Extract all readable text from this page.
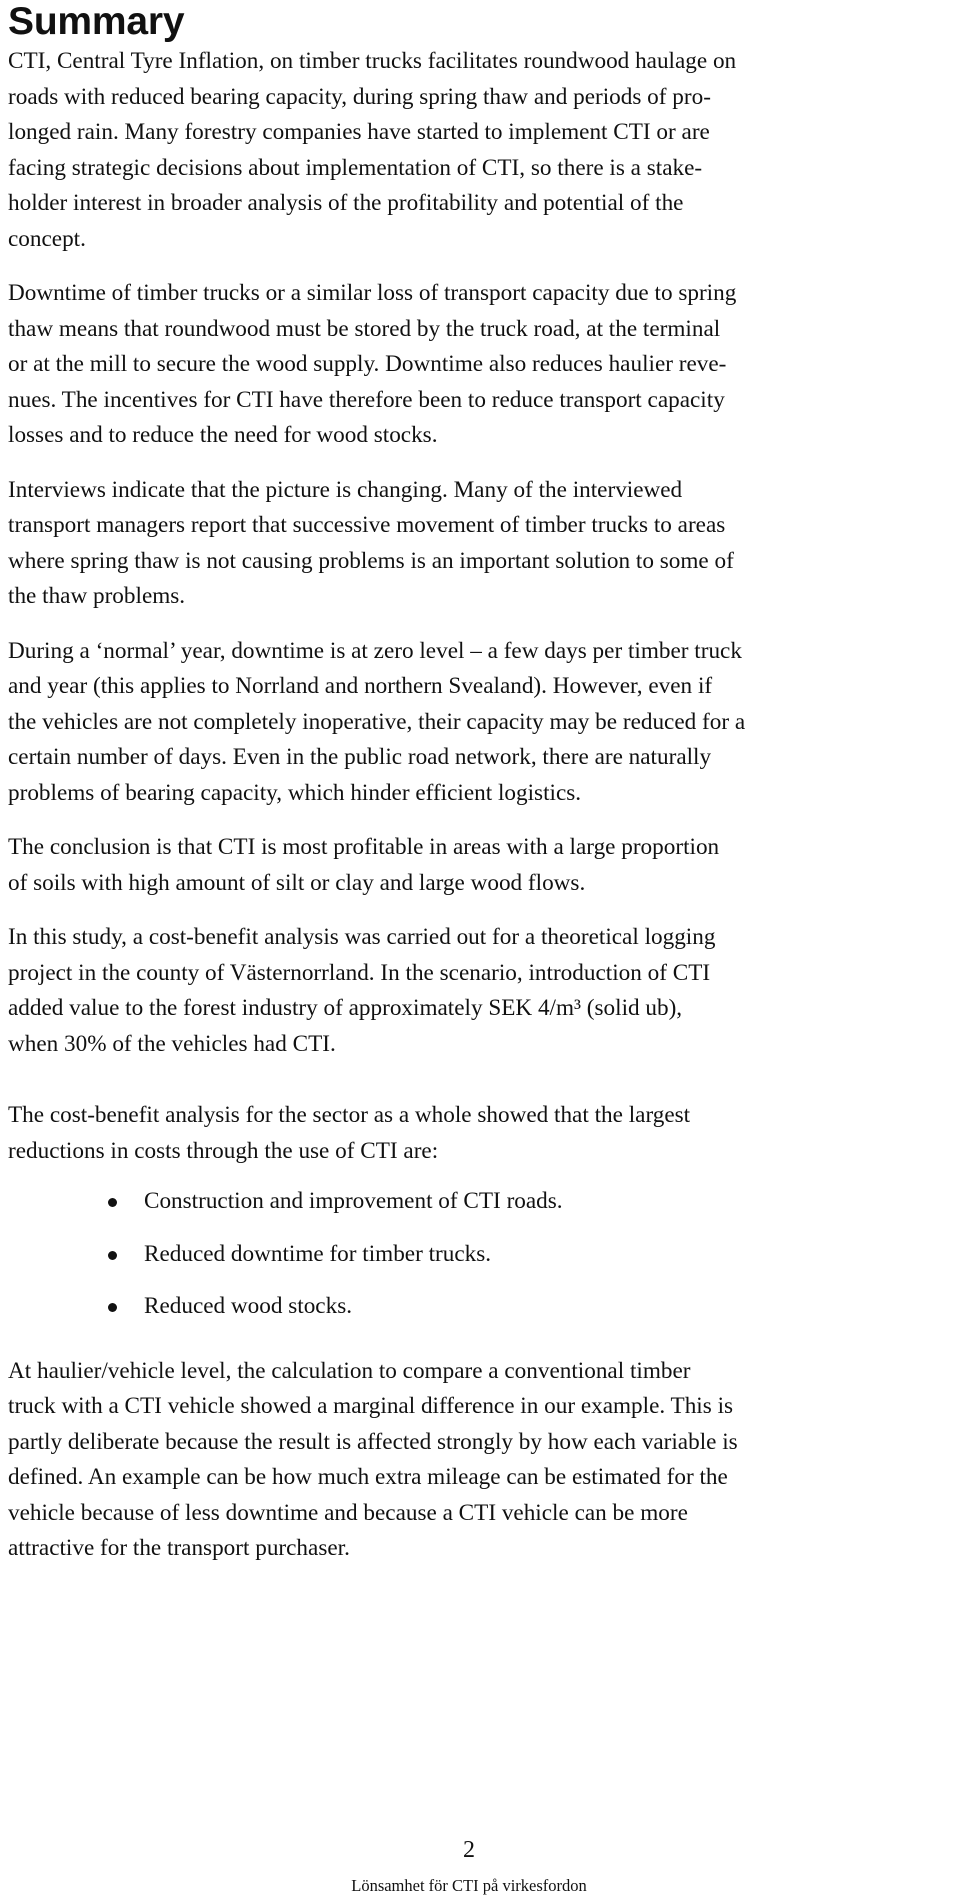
Summary
CTI, Central Tyre Inflation, on timber trucks facilitates roundwood haulage on
roads with reduced bearing capacity, during spring thaw and periods of pro-
longed rain. Many forestry companies have started to implement CTI or are
facing strategic decisions about implementation of CTI, so there is a stake-
holder interest in broader analysis of the profitability and potential of the
concept.
Downtime of timber trucks or a similar loss of transport capacity due to spring
thaw means that roundwood must be stored by the truck road, at the terminal
or at the mill to secure the wood supply. Downtime also reduces haulier reve-
nues. The incentives for CTI have therefore been to reduce transport capacity
losses and to reduce the need for wood stocks.
Interviews indicate that the picture is changing. Many of the interviewed
transport managers report that successive movement of timber trucks to areas
where spring thaw is not causing problems is an important solution to some of
the thaw problems.
During a ‘normal’ year, downtime is at zero level – a few days per timber truck
and year (this applies to Norrland and northern Svealand). However, even if
the vehicles are not completely inoperative, their capacity may be reduced for a
certain number of days. Even in the public road network, there are naturally
problems of bearing capacity, which hinder efficient logistics.
The conclusion is that CTI is most profitable in areas with a large proportion
of soils with high amount of silt or clay and large wood flows.
In this study, a cost-benefit analysis was carried out for a theoretical logging
project in the county of Västernorrland. In the scenario, introduction of CTI
added value to the forest industry of approximately SEK 4/m³ (solid ub),
when 30% of the vehicles had CTI.
The cost-benefit analysis for the sector as a whole showed that the largest
reductions in costs through the use of CTI are:
Construction and improvement of CTI roads.
Reduced downtime for timber trucks.
Reduced wood stocks.
At haulier/vehicle level, the calculation to compare a conventional timber
truck with a CTI vehicle showed a marginal difference in our example. This is
partly deliberate because the result is affected strongly by how each variable is
defined. An example can be how much extra mileage can be estimated for the
vehicle because of less downtime and because a CTI vehicle can be more
attractive for the transport purchaser.
2
Lönsamhet för CTI på virkesfordon
